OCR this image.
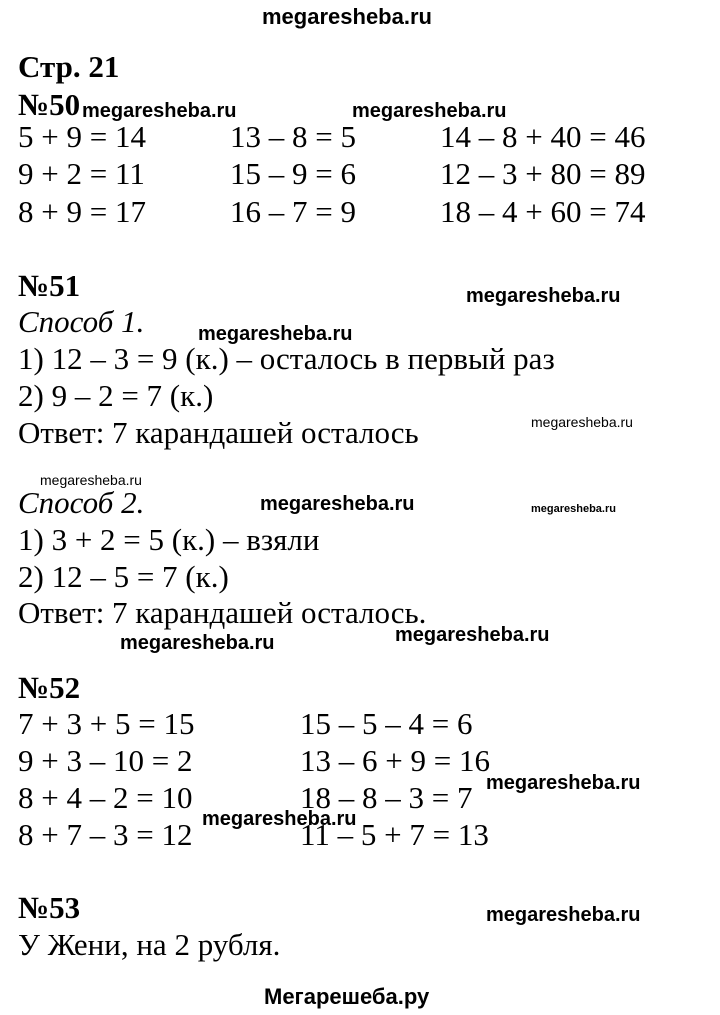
megaresheba.ru
Стр. 21
№50
5 + 9 = 14	13 – 8 = 5	14 – 8 + 40 = 46
9 + 2 = 11	15 – 9 = 6	12 – 3 + 80 = 89
8 + 9 = 17	16 – 7 = 9	18 – 4 + 60 = 74
№51
Способ 1.
1) 12 – 3 = 9 (к.) – осталось в первый раз
2) 9 – 2 = 7 (к.)
Ответ: 7 карандашей осталось
Способ 2.
1) 3 + 2 = 5 (к.) – взяли
2) 12 – 5 = 7 (к.)
Ответ: 7 карандашей осталось.
№52
7 + 3 + 5 = 15	15 – 5 – 4 = 6
9 + 3 – 10 = 2	13 – 6 + 9 = 16
8 + 4 – 2 = 10	18 – 8 – 3 = 7
8 + 7 – 3 = 12	11 – 5 + 7 = 13
№53
У Жени, на 2 рубля.
megaresheba.ru	megaresheba.ru
megaresheba.ru
megaresheba.ru
megaresheba.ru
megaresheba.ru
megaresheba.ru	megaresheba.ru
megaresheba.ru
megaresheba.ru
megaresheba.ru
megaresheba.ru
megaresheba.ru
Мегарешеба.ру
